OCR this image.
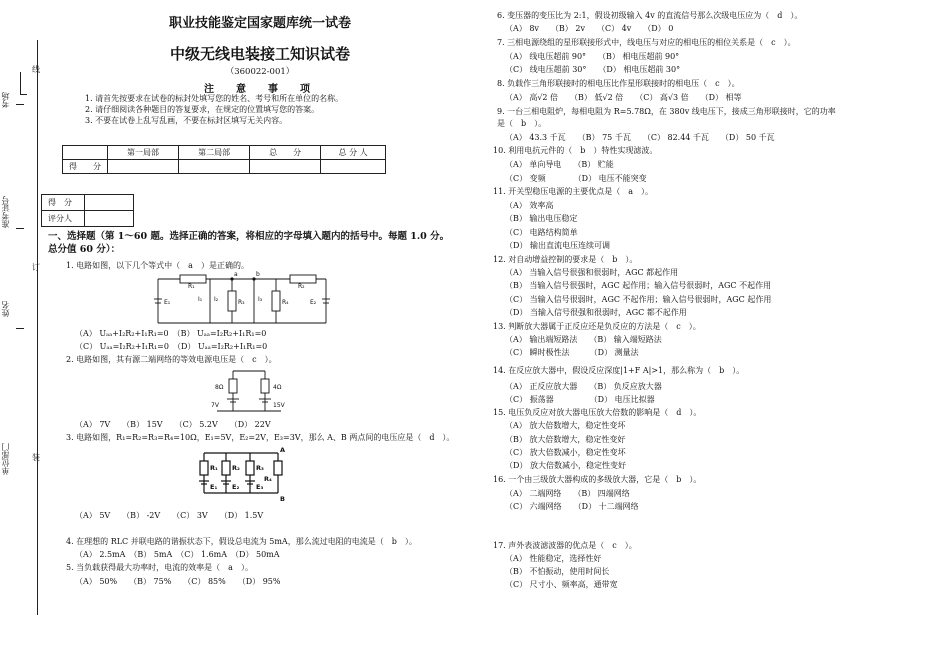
考场
准考证号
姓名
单位部门
线
订
装
职业技能鉴定国家题库统一试卷
中级无线电装接工知识试卷
（360022-001）
注　意　事　项
1. 请首先按要求在试卷的标封处填写您的姓名、考号和所在单位的名称。
2. 请仔细阅读各种题目的答复要求，在规定的位置填写您的答案。
3. 不要在试卷上乱写乱画，不要在标封区填写无关内容。
	第一局部	第二局部	总　　分	总 分 人
得　　分				
得　分	
评分人	
一、选择题（第 1～60 题。选择正确的答案，将相应的字母填入题内的括号中。每题 1.0 分。总分值 60 分）：
1. 电路如图，以下几个等式中（　a　）是正确的。
R₁	R₂
R₃	R₄
I₁ I₂	I₃
E₁	E₂
a	b
（A） Uₐₐ+I₂R₂+I₁R₁=0　（B） Uₐₐ=I₂R₂+I₁R₁=0
（C） Uₐₐ=I₂R₂+I₁R₁=0　（D） Uₐₐ=I₂R₂+I₁R₁=0
2. 电路如图，其有源二端网络的等效电源电压是（　c　）。
8Ω	4Ω
7V	15V
（A） 7V　　（B） 15V　　（C） 5.2V　　（D） 22V
3. 电路如图，R₁=R₂=R₃=R₄=10Ω，E₁=5V，E₂=2V，E₃=3V，那么 A、B 两点间的电压应是（　d　）。
R₁ R₂ R₃
R₄
E₁ E₂	E₃
A
B
（A） 5V　　（B） -2V　　（C） 3V　　（D） 1.5V
4. 在理想的 RLC 并联电路的谐振状态下，假设总电流为 5mA，那么流过电阻的电流是（　b　）。
（A） 2.5mA　（B） 5mA　（C） 1.6mA　（D） 50mA
5. 当负载获得最大功率时，电流的效率是（　a　）。
（A） 50%　　（B） 75%　　（C） 85%　　（D） 95%
6. 变压器的变压比为 2:1，假设初级输入 4v 的直流信号那么次级电压应为（　d　）。
（A） 8v　　（B） 2v　　（C） 4v　　（D） 0
7. 三相电源绕组的星形联接形式中，线电压与对应的相电压的相位关系是（　c　）。
（A） 线电压超前 90°　　（B） 相电压超前 90°
（C） 线电压超前 30°　　（D） 相电压超前 30°
8. 负载作三角形联接时的相电压比作星形联接时的相电压（　c　）。
（A） 高√2 倍　　（B） 低√2 倍　　（C） 高√3 倍　　（D） 相等
9. 一台三相电阻炉，每相电阻为 R=5.78Ω，在 380v 线电压下，接成三角形联接时，它的功率
是（　b　）。
（A） 43.3 千瓦　　（B） 75 千瓦　　（C） 82.44 千瓦　　（D） 50 千瓦
10. 利用电抗元件的（　b　）特性实现滤波。
（A） 单向导电　　（B） 贮能
（C） 变频　　　　（D） 电压不能突变
11. 开关型稳压电源的主要优点是（　a　）。
（A） 效率高
（B） 输出电压稳定
（C） 电路结构简单
（D） 输出直流电压连续可调
12. 对自动增益控制的要求是（　b　）。
（A） 当输入信号很强和很弱时，AGC 都起作用
（B） 当输入信号很强时，AGC 起作用；输入信号很弱时，AGC 不起作用
（C） 当输入信号很弱时，AGC 不起作用；输入信号很弱时，AGC 起作用
（D） 当输入信号很强和很弱时，AGC 都不起作用
13. 判断放大器属于正反应还是负反应的方法是（　c　）。
（A） 输出端短路法　　（B） 输入端短路法
（C） 瞬时极性法　　　（D） 测量法
14. 在反应放大器中，假设反应深度|1+F A|>1，那么称为（　b　）。
（A） 正反应放大器　　（B） 负反应放大器
（C） 振荡器　　　　　（D） 电压比拟器
15. 电压负反应对放大器电压放大倍数的影响是（　d　）。
（A） 放大倍数增大，稳定性变坏
（B） 放大倍数增大，稳定性变好
（C） 放大倍数减小，稳定性变坏
（D） 放大倍数减小，稳定性变好
16. 一个由三级放大器构成的多级放大器，它是（　b　）。
（A） 二端网络　　（B） 四端网络
（C） 六端网络　　（D） 十二端网络
17. 声外表波滤波器的优点是（　c　）。
（A） 性能稳定，选择性好
（B） 不怕振动，使用时间长
（C） 尺寸小、频率高，通带宽
